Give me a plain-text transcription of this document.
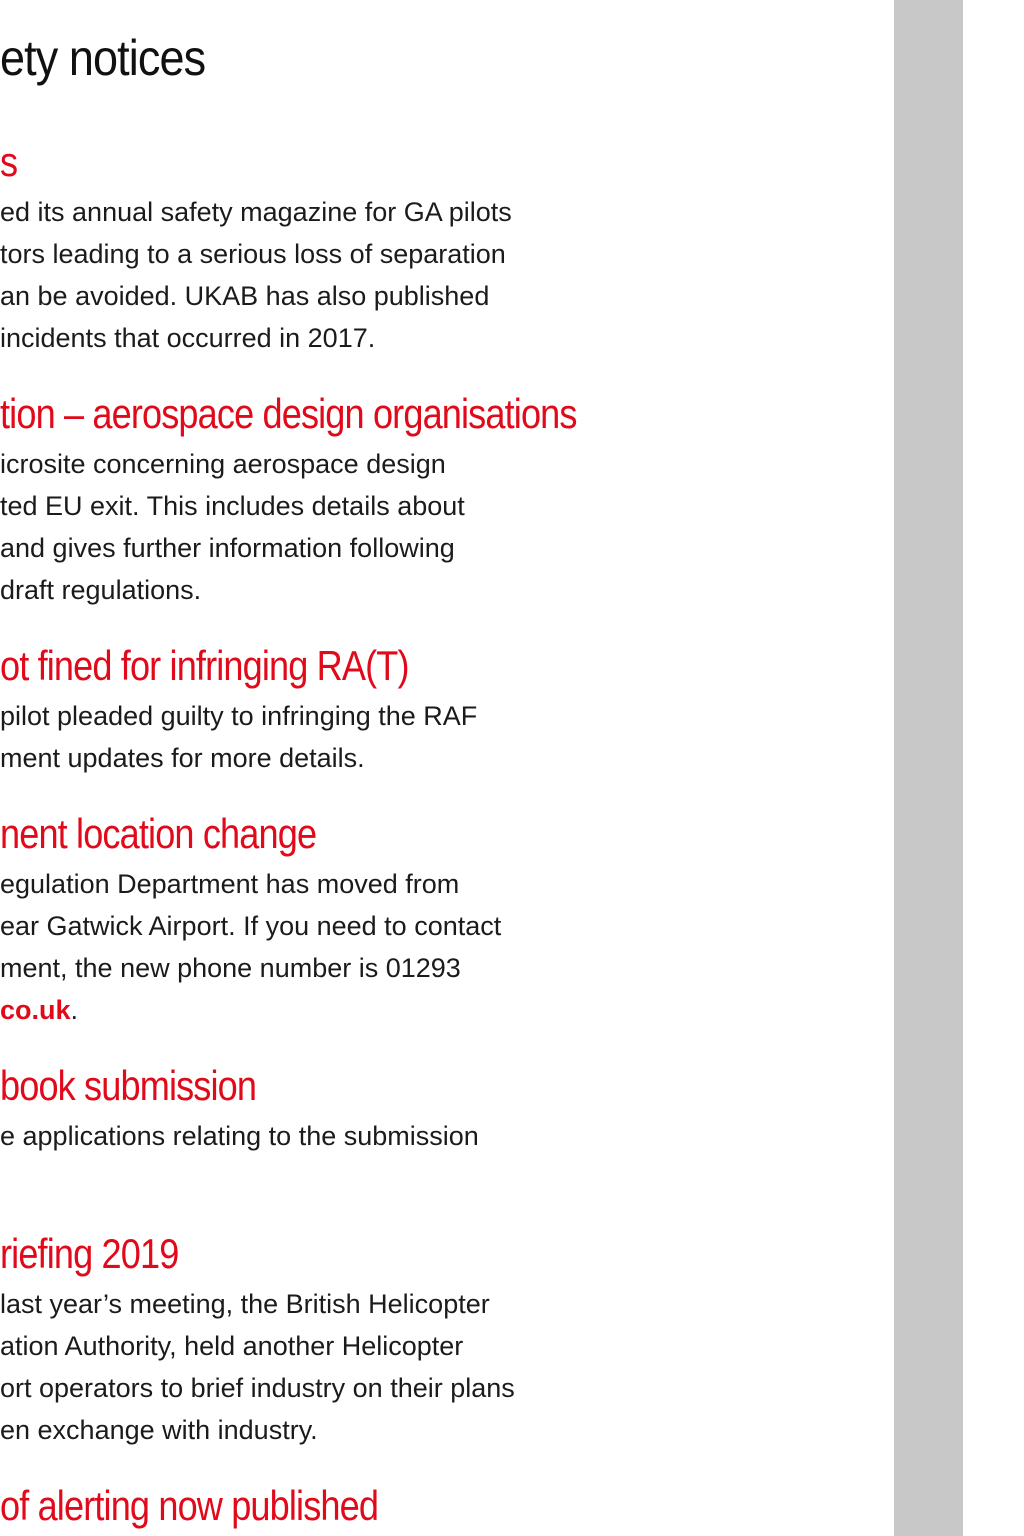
ety notices
s

ed its annual safety magazine for GA pilots
tors leading to a serious loss of separation
an be avoided. UKAB has also published
incidents that occurred in 2017.

tion – aerospace design organisations

icrosite concerning aerospace design
ted EU exit. This includes details about
and gives further information following
draft regulations.

ot fined for infringing RA(T)

pilot pleaded guilty to infringing the RAF
ment updates for more details.

nent location change

egulation Department has moved from
ear Gatwick Airport. If you need to contact
ment, the new phone number is 01293
co.uk.

book submission

e applications relating to the submission

riefing 2019

last year’s meeting, the British Helicopter
ation Authority, held another Helicopter
ort operators to brief industry on their plans
en exchange with industry.

of alerting now published
